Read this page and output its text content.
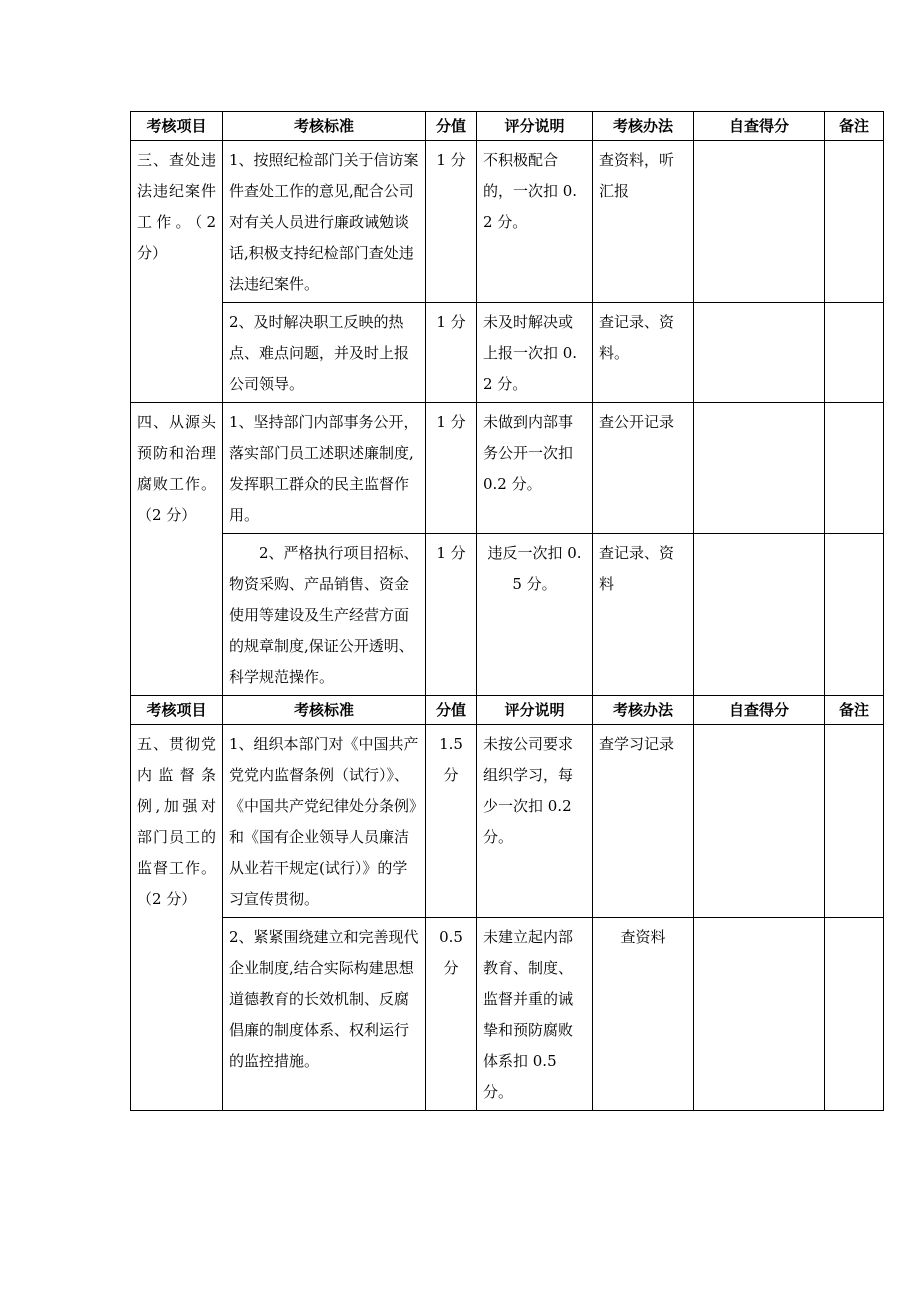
考核项目	考核标准	分值	评分说明	考核办法	自查得分	备注
三、查处违法违纪案件工作。（2分）	1、按照纪检部门关于信访案件查处工作的意见,配合公司对有关人员进行廉政诫勉谈话,积极支持纪检部门查处违法违纪案件。	1 分	不积极配合的，一次扣 0.2 分。	查资料，听汇报		
	2、及时解决职工反映的热点、难点问题，并及时上报公司领导。	1 分	未及时解决或上报一次扣 0.2 分。	查记录、资料。		
四、从源头预防和治理腐败工作。（2 分）	1、坚持部门内部事务公开，落实部门员工述职述廉制度,发挥职工群众的民主监督作用。	1 分	未做到内部事务公开一次扣 0.2 分。	查公开记录		
	2、严格执行项目招标、物资采购、产品销售、资金使用等建设及生产经营方面的规章制度,保证公开透明、科学规范操作。	1 分	违反一次扣 0.5 分。	查记录、资料		
考核项目	考核标准	分值	评分说明	考核办法	自查得分	备注
五、贯彻党内监督条例,加强对部门员工的监督工作。（2 分）	1、组织本部门对《中国共产党党内监督条例（试行）》、《中国共产党纪律处分条例》和《国有企业领导人员廉洁从业若干规定(试行）》的学习宣传贯彻。	1.5 分	未按公司要求组织学习，每少一次扣 0.2 分。	查学习记录		
	2、紧紧围绕建立和完善现代企业制度,结合实际构建思想道德教育的长效机制、反腐倡廉的制度体系、权利运行的监控措施。	0.5 分	未建立起内部教育、制度、监督并重的诫挚和预防腐败体系扣 0.5 分。	查资料		
